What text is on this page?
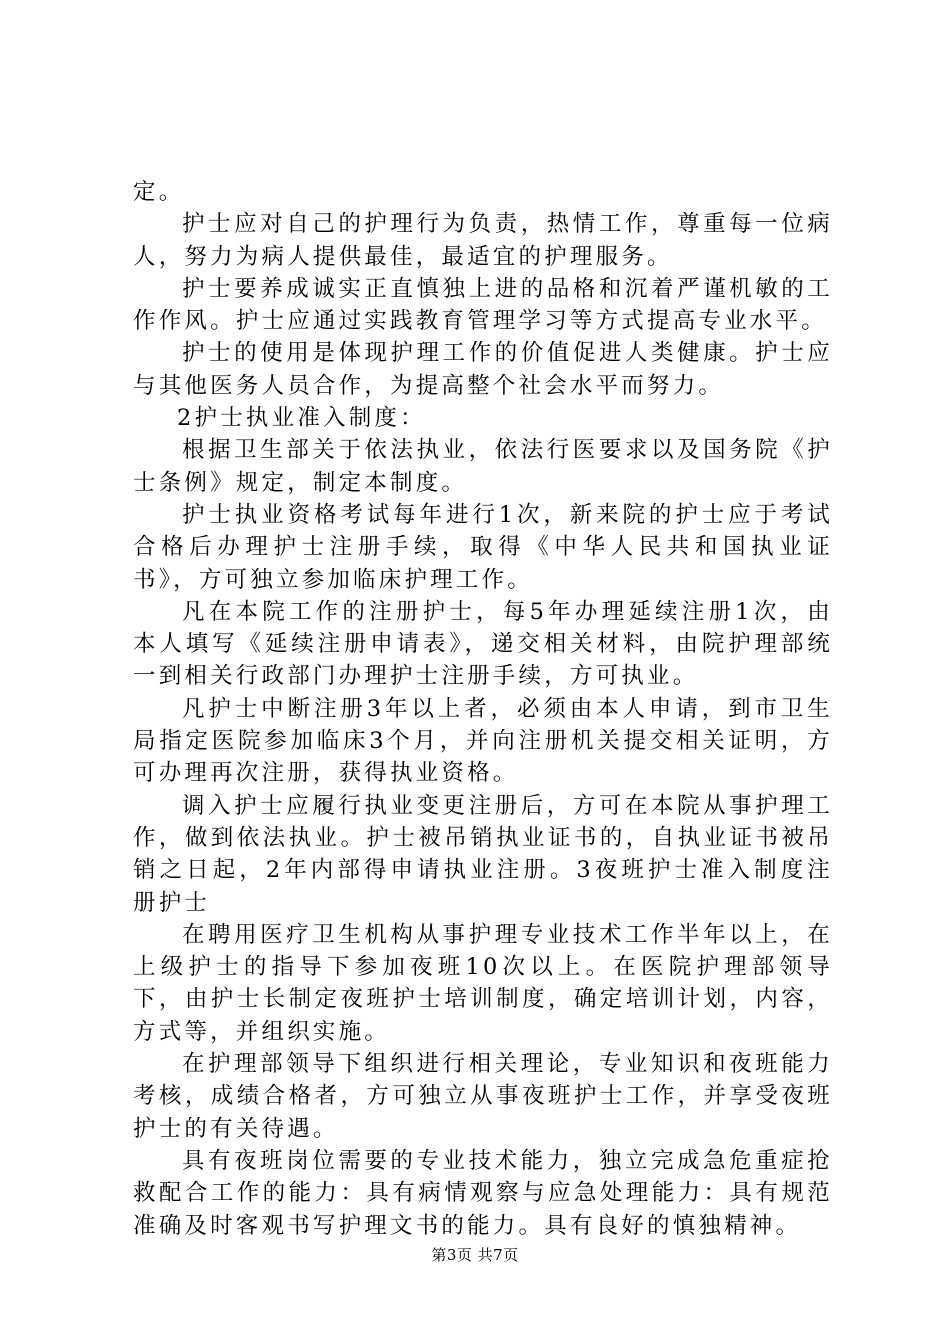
定。

护士应对自己的护理行为负责，热情工作，尊重每一位病人，努力为病人提供最佳，最适宜的护理服务。

护士要养成诚实正直慎独上进的品格和沉着严谨机敏的工作作风。护士应通过实践教育管理学习等方式提高专业水平。

护士的使用是体现护理工作的价值促进人类健康。护士应与其他医务人员合作，为提高整个社会水平而努力。

2护士执业准入制度：

根据卫生部关于依法执业，依法行医要求以及国务院《护士条例》规定，制定本制度。

护士执业资格考试每年进行1次，新来院的护士应于考试合格后办理护士注册手续，取得《中华人民共和国执业证书》，方可独立参加临床护理工作。

凡在本院工作的注册护士，每5年办理延续注册1次，由本人填写《延续注册申请表》，递交相关材料，由院护理部统一到相关行政部门办理护士注册手续，方可执业。

凡护士中断注册3年以上者，必须由本人申请，到市卫生局指定医院参加临床3个月，并向注册机关提交相关证明，方可办理再次注册，获得执业资格。

调入护士应履行执业变更注册后，方可在本院从事护理工作，做到依法执业。护士被吊销执业证书的，自执业证书被吊销之日起，2年内部得申请执业注册。3夜班护士准入制度注册护士

在聘用医疗卫生机构从事护理专业技术工作半年以上，在上级护士的指导下参加夜班10次以上。在医院护理部领导下，由护士长制定夜班护士培训制度，确定培训计划，内容，方式等，并组织实施。

在护理部领导下组织进行相关理论，专业知识和夜班能力考核，成绩合格者，方可独立从事夜班护士工作，并享受夜班护士的有关待遇。

具有夜班岗位需要的专业技术能力，独立完成急危重症抢救配合工作的能力：具有病情观察与应急处理能力：具有规范准确及时客观书写护理文书的能力。具有良好的慎独精神。

第3页 共7页
